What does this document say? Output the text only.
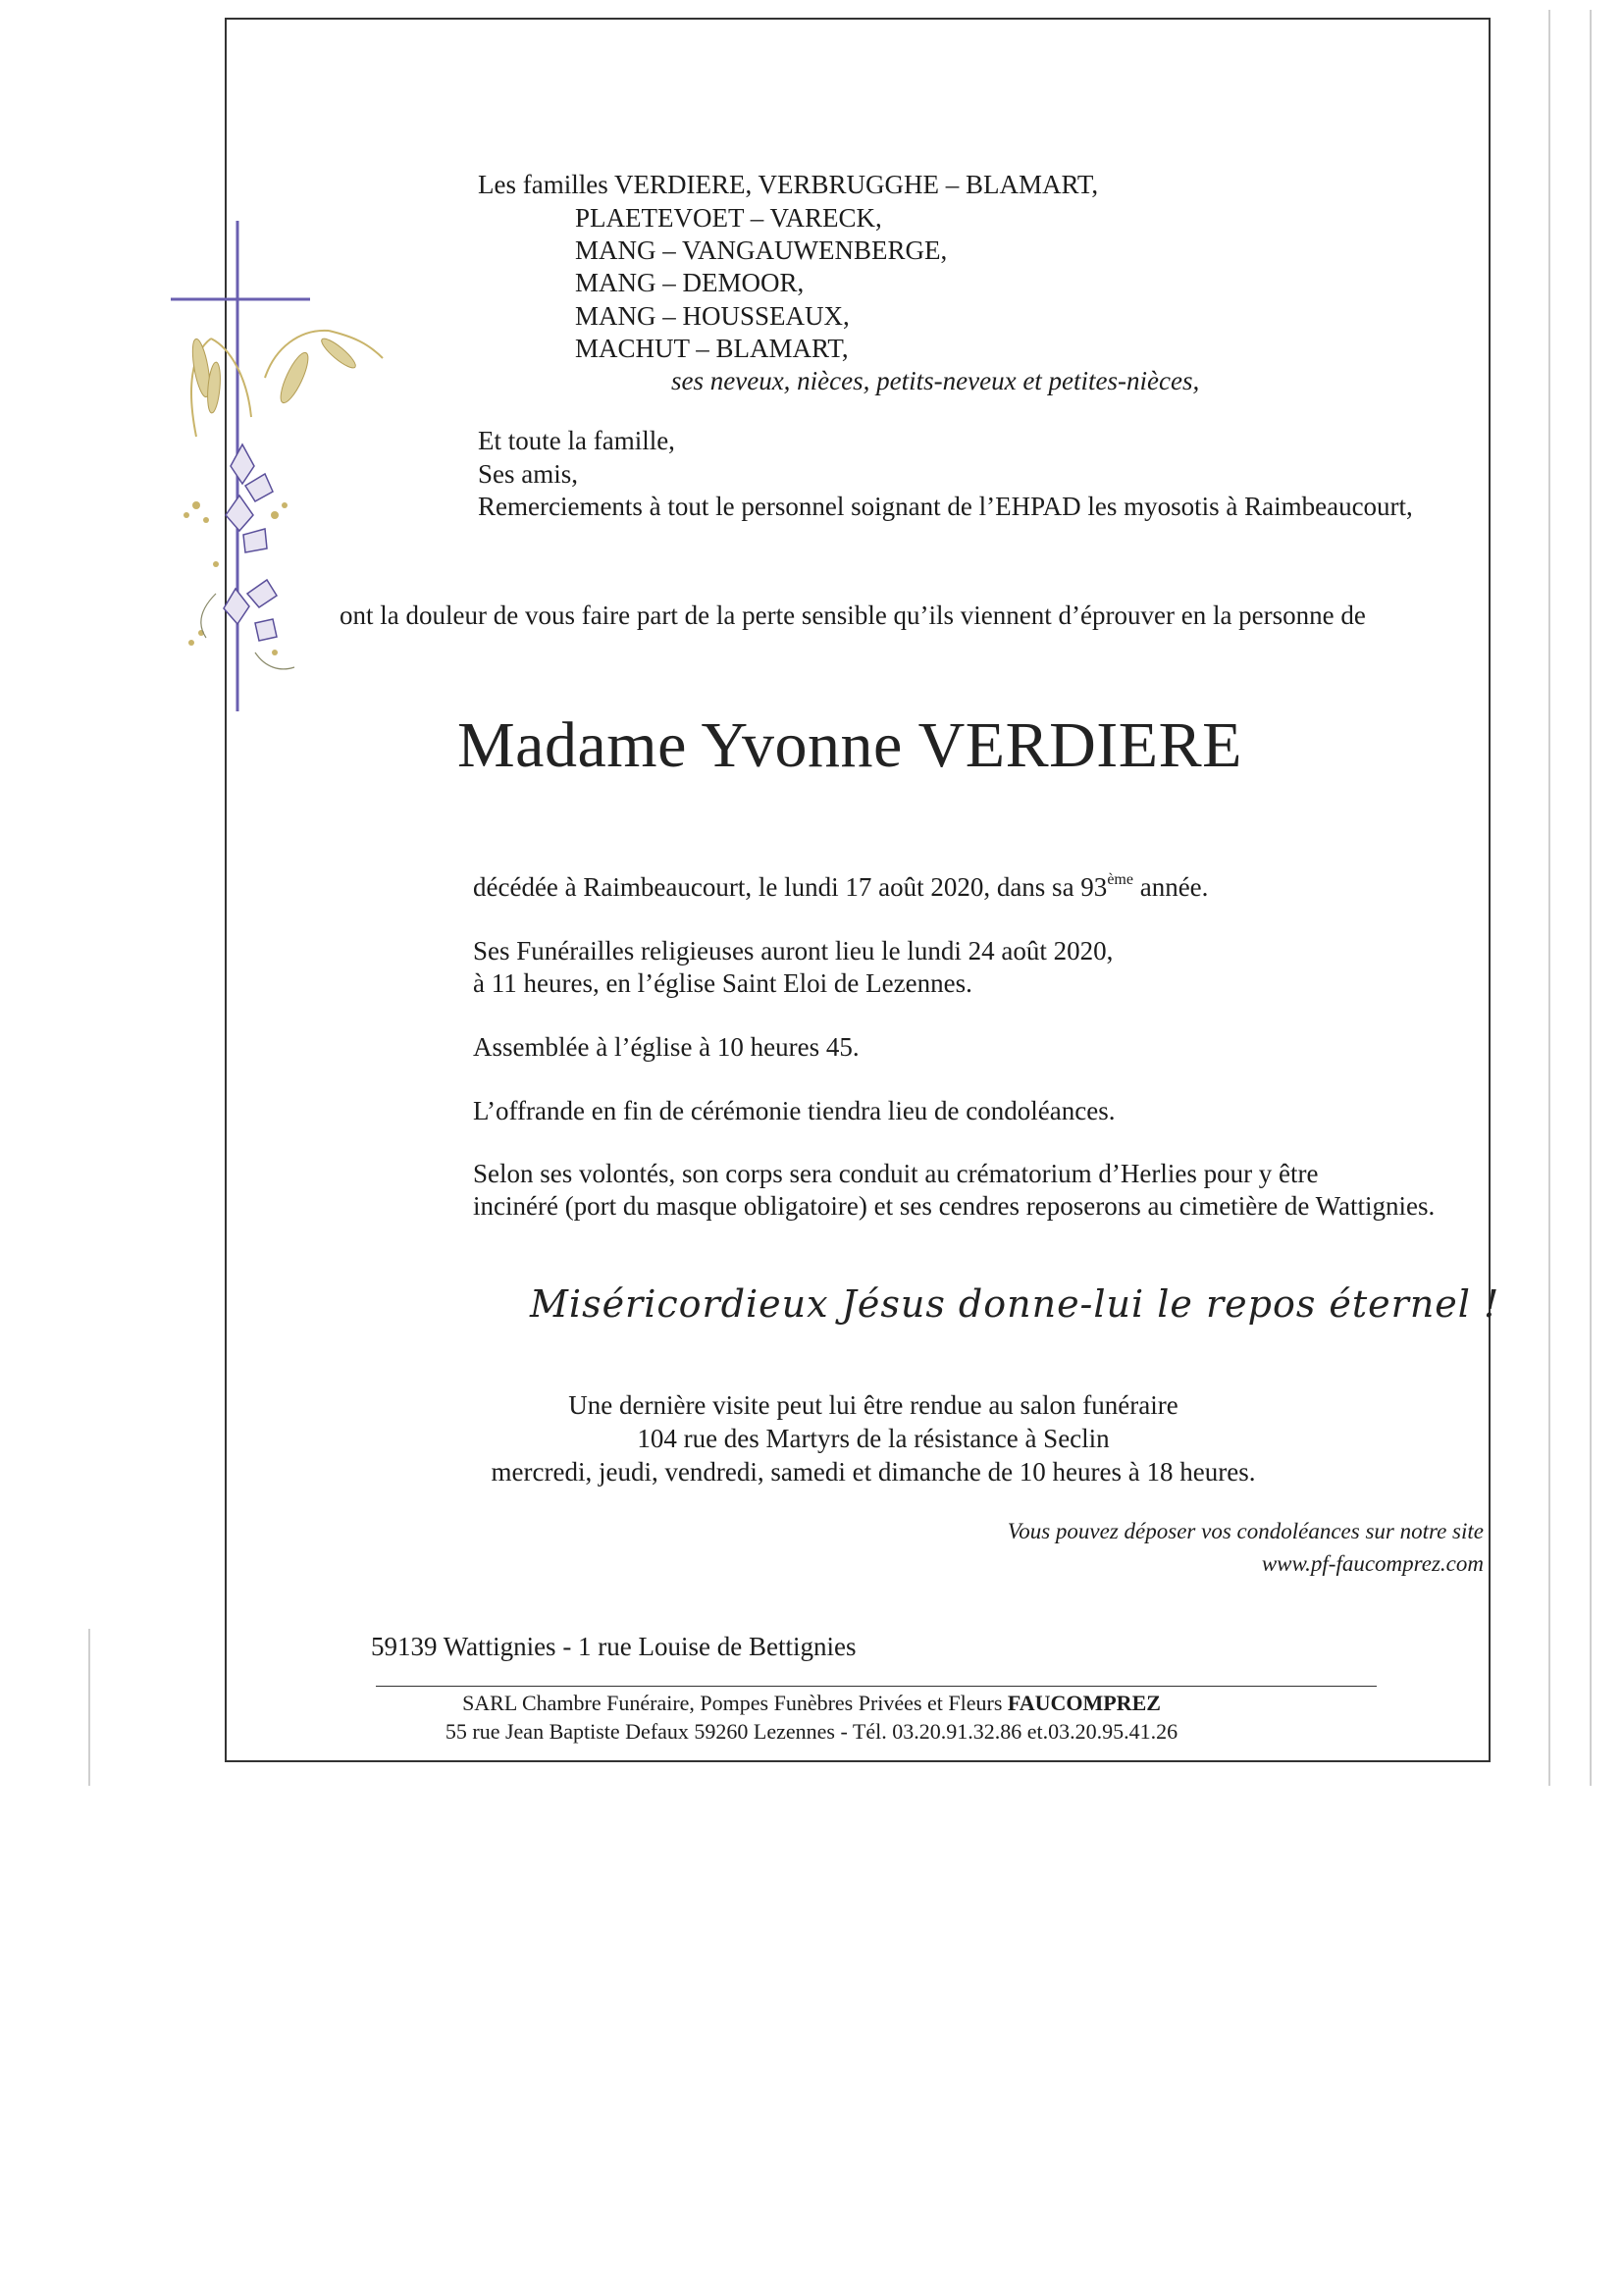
Les familles VERDIERE, VERBRUGGHE – BLAMART,
PLAETEVOET – VARECK,
MANG – VANGAUWENBERGE,
MANG – DEMOOR,
MANG – HOUSSEAUX,
MACHUT – BLAMART,
ses neveux, nièces, petits-neveux et petites-nièces,
Et toute la famille,
Ses amis,
Remerciements à tout le personnel soignant de l’EHPAD les myosotis à Raimbeaucourt,
ont la douleur de vous faire part de la perte sensible qu’ils viennent d’éprouver en la personne de
Madame Yvonne VERDIERE
décédée à Raimbeaucourt, le lundi 17 août 2020, dans sa 93ème année.
Ses Funérailles religieuses auront lieu le lundi 24 août 2020,
à 11 heures, en l’église Saint Eloi de Lezennes.
Assemblée à l’église à 10 heures 45.
L’offrande en fin de cérémonie tiendra lieu de condoléances.
Selon ses volontés, son corps sera conduit au crématorium d’Herlies pour y être
incinéré (port du masque obligatoire) et ses cendres reposerons au cimetière de Wattignies.
Miséricordieux Jésus donne-lui le repos éternel !
Une dernière visite peut lui être rendue au salon funéraire
104 rue des Martyrs de la résistance à Seclin
mercredi, jeudi, vendredi, samedi et dimanche de 10 heures à 18 heures.
Vous pouvez déposer vos condoléances sur notre site
www.pf-faucomprez.com
59139 Wattignies - 1 rue Louise de Bettignies
SARL Chambre Funéraire, Pompes Funèbres Privées et Fleurs FAUCOMPREZ
55 rue Jean Baptiste Defaux 59260 Lezennes - Tél. 03.20.91.32.86 et.03.20.95.41.26
